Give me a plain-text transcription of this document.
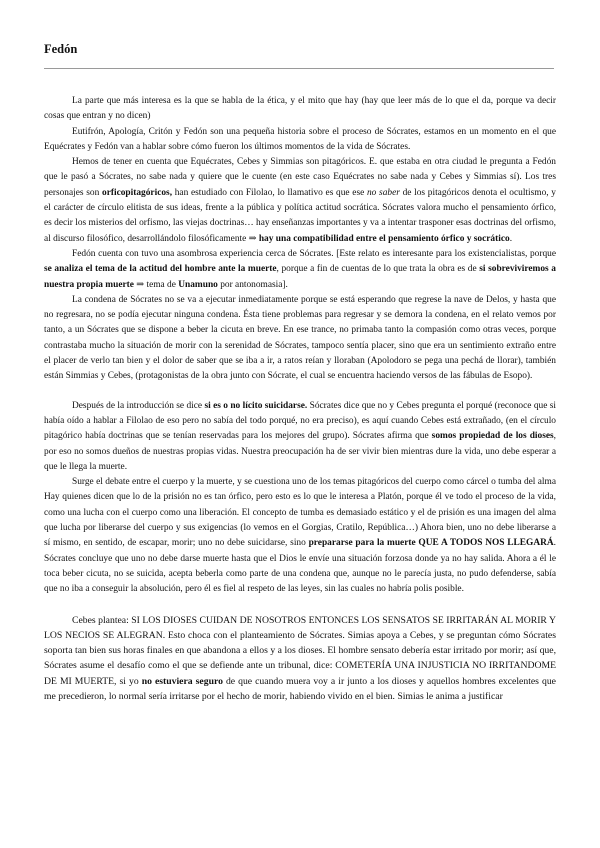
Fedón

La parte que más interesa es la que se habla de la ética, y el mito que hay (hay que leer más de lo que el da, porque va decir cosas que entran y no dicen)

Eutifrón, Apología, Critón y Fedón son una pequeña historia sobre el proceso de Sócrates, estamos en un momento en el que Equécrates y Fedón van a hablar sobre cómo fueron los últimos momentos de la vida de Sócrates.

Hemos de tener en cuenta que Equécrates, Cebes y Simmias son pitagóricos. E. que estaba en otra ciudad le pregunta a Fedón que le pasó a Sócrates, no sabe nada y quiere que le cuente (en este caso Equécrates no sabe nada y Cebes y Simmias sí). Los tres personajes son orficopitagóricos, han estudiado con Filolao, lo llamativo es que ese no saber de los pitagóricos denota el ocultismo, y el carácter de círculo elitista de sus ideas, frente a la pública y política actitud socrática. Sócrates valora mucho el pensamiento órfico, es decir los misterios del orfismo, las viejas doctrinas… hay enseñanzas importantes y va a intentar trasponer esas doctrinas del orfismo, al discurso filosófico, desarrollándolo filosóficamente ⇒ hay una compatibilidad entre el pensamiento órfico y socrático.

Fedón cuenta con tuvo una asombrosa experiencia cerca de Sócrates. [Este relato es interesante para los existencialistas, porque se analiza el tema de la actitud del hombre ante la muerte, porque a fin de cuentas de lo que trata la obra es de si sobreviviremos a nuestra propia muerte ⇒ tema de Unamuno por antonomasia].

La condena de Sócrates no se va a ejecutar inmediatamente porque se está esperando que regrese la nave de Delos, y hasta que no regresara, no se podía ejecutar ninguna condena. Ésta tiene problemas para regresar y se demora la condena, en el relato vemos por tanto, a un Sócrates que se dispone a beber la cicuta en breve. En ese trance, no primaba tanto la compasión como otras veces, porque contrastaba mucho la situación de morir con la serenidad de Sócrates, tampoco sentía placer, sino que era un sentimiento extraño entre el placer de verlo tan bien y el dolor de saber que se iba a ir, a ratos reían y lloraban (Apolodoro se pega una pechá de llorar), también están Simmias y Cebes, (protagonistas de la obra junto con Sócrate, el cual se encuentra haciendo versos de las fábulas de Esopo).

Después de la introducción se dice si es o no lícito suicidarse. Sócrates dice que no y Cebes pregunta el porqué (reconoce que si había oído a hablar a Filolao de eso pero no sabía del todo porqué, no era preciso), es aquí cuando Cebes está extrañado, (en el círculo pitagórico había doctrinas que se tenían reservadas para los mejores del grupo). Sócrates afirma que somos propiedad de los dioses, por eso no somos dueños de nuestras propias vidas. Nuestra preocupación ha de ser vivir bien mientras dure la vida, uno debe esperar a que le llega la muerte.

Surge el debate entre el cuerpo y la muerte, y se cuestiona uno de los temas pitagóricos del cuerpo como cárcel o tumba del alma Hay quienes dicen que lo de la prisión no es tan órfico, pero esto es lo que le interesa a Platón, porque él ve todo el proceso de la vida, como una lucha con el cuerpo como una liberación. El concepto de tumba es demasiado estático y el de prisión es una imagen del alma que lucha por liberarse del cuerpo y sus exigencias (lo vemos en el Gorgias, Cratilo, República…) Ahora bien, uno no debe liberarse a sí mismo, en sentido, de escapar, morir; uno no debe suicidarse, sino prepararse para la muerte QUE A TODOS NOS LLEGARÁ. Sócrates concluye que uno no debe darse muerte hasta que el Dios le envíe una situación forzosa donde ya no hay salida. Ahora a él le toca beber cicuta, no se suicida, acepta beberla como parte de una condena que, aunque no le parecía justa, no pudo defenderse, sabía que no iba a conseguir la absolución, pero él es fiel al respeto de las leyes, sin las cuales no habría polis posible.

Cebes plantea: SI LOS DIOSES CUIDAN DE NOSOTROS ENTONCES LOS SENSATOS SE IRRITARÁN AL MORIR Y LOS NECIOS SE ALEGRAN. Esto choca con el planteamiento de Sócrates. Simias apoya a Cebes, y se preguntan cómo Sócrates soporta tan bien sus horas finales en que abandona a ellos y a los dioses. El hombre sensato debería estar irritado por morir; así que, Sócrates asume el desafío como el que se defiende ante un tribunal, dice: COMETERÍA UNA INJUSTICIA NO IRRITANDOME DE MI MUERTE, si yo no estuviera seguro de que cuando muera voy a ir junto a los dioses y aquellos hombres excelentes que me precedieron, lo normal sería irritarse por el hecho de morir, habiendo vivido en el bien. Simias le anima a justificar
